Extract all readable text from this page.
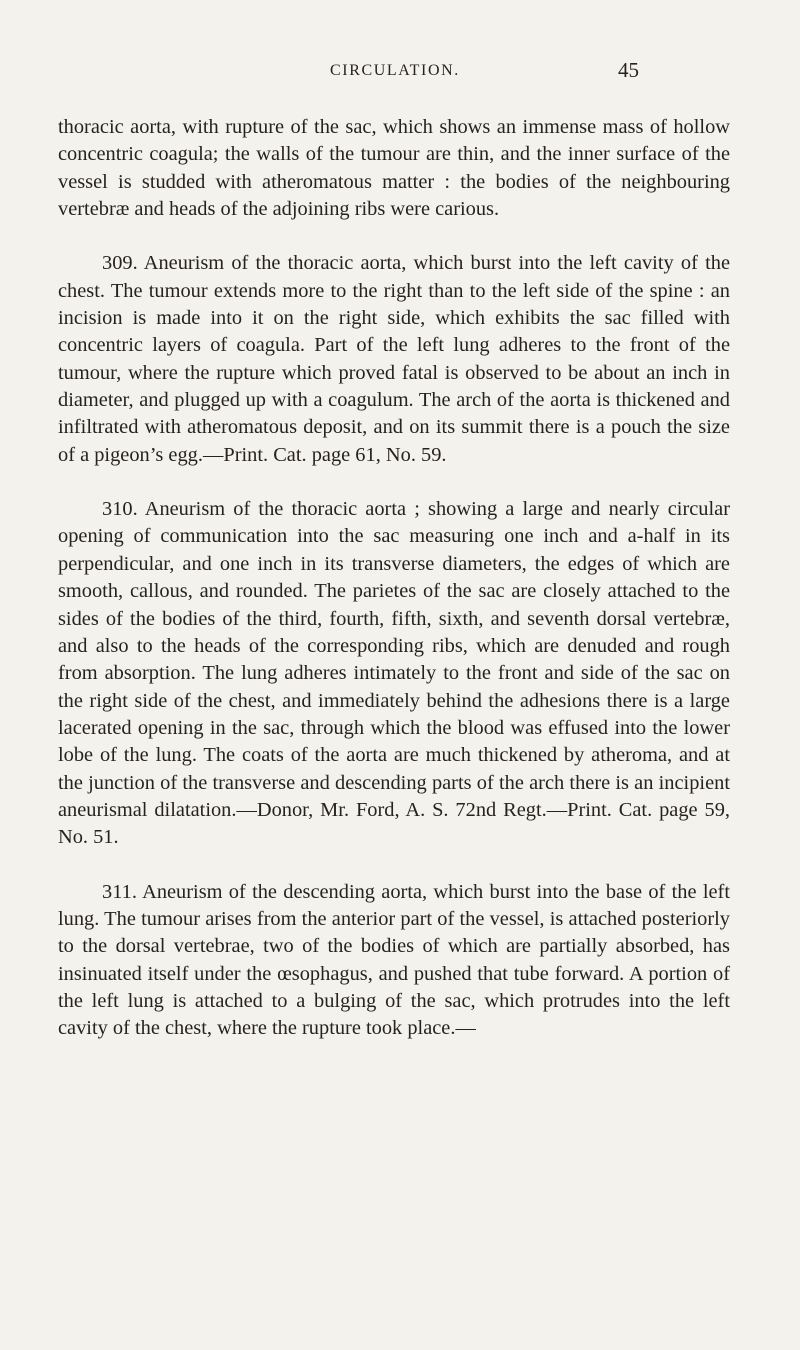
CIRCULATION.	45

thoracic aorta, with rupture of the sac, which shows an immense mass of hollow concentric coagula; the walls of the tumour are thin, and the inner surface of the vessel is studded with atheromatous matter : the bodies of the neighbouring vertebræ and heads of the adjoining ribs were carious.

309. Aneurism of the thoracic aorta, which burst into the left cavity of the chest. The tumour extends more to the right than to the left side of the spine : an incision is made into it on the right side, which exhibits the sac filled with concentric layers of coagula. Part of the left lung adheres to the front of the tumour, where the rupture which proved fatal is observed to be about an inch in diameter, and plugged up with a coagulum. The arch of the aorta is thickened and infiltrated with atheromatous deposit, and on its summit there is a pouch the size of a pigeon’s egg.—Print. Cat. page 61, No. 59.

310. Aneurism of the thoracic aorta ; showing a large and nearly circular opening of communication into the sac measuring one inch and a-half in its perpendicular, and one inch in its transverse diameters, the edges of which are smooth, callous, and rounded. The parietes of the sac are closely attached to the sides of the bodies of the third, fourth, fifth, sixth, and seventh dorsal vertebræ, and also to the heads of the corresponding ribs, which are denuded and rough from absorption. The lung adheres intimately to the front and side of the sac on the right side of the chest, and immediately behind the adhesions there is a large lacerated opening in the sac, through which the blood was effused into the lower lobe of the lung. The coats of the aorta are much thickened by atheroma, and at the junction of the transverse and descending parts of the arch there is an incipient aneurismal dilatation.—Donor, Mr. Ford, A. S. 72nd Regt.—Print. Cat. page 59, No. 51.

311. Aneurism of the descending aorta, which burst into the base of the left lung. The tumour arises from the anterior part of the vessel, is attached posteriorly to the dorsal vertebrae, two of the bodies of which are partially absorbed, has insinuated itself under the œsophagus, and pushed that tube forward. A portion of the left lung is attached to a bulging of the sac, which protrudes into the left cavity of the chest, where the rupture took place.—
